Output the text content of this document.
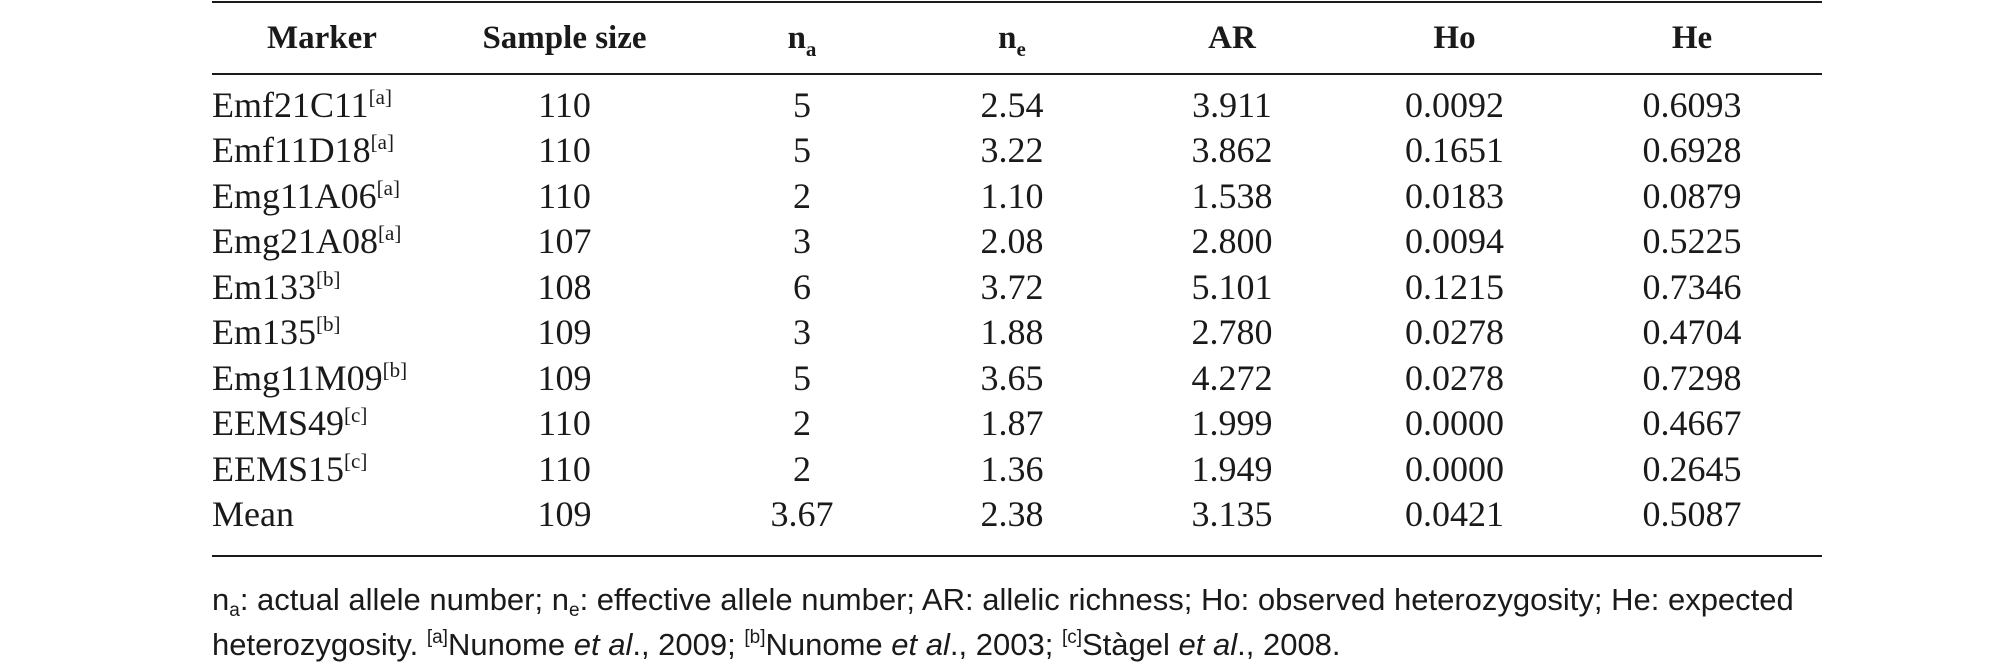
Marker	Sample size	$n_a$	$n_e$	AR	Ho	He
Emf21C11[a]	110	5	2.54	3.911	0.0092	0.6093
Emf11D18[a]	110	5	3.22	3.862	0.1651	0.6928
Emg11A06[a]	110	2	1.10	1.538	0.0183	0.0879
Emg21A08[a]	107	3	2.08	2.800	0.0094	0.5225
Em133[b]	108	6	3.72	5.101	0.1215	0.7346
Em135[b]	109	3	1.88	2.780	0.0278	0.4704
Emg11M09[b]	109	5	3.65	4.272	0.0278	0.7298
EEMS49[c]	110	2	1.87	1.999	0.0000	0.4667
EEMS15[c]	110	2	1.36	1.949	0.0000	0.2645
Mean	109	3.67	2.38	3.135	0.0421	0.5087
$n_a$: actual allele number; $n_e$: effective allele number; AR: allelic richness; Ho: observed heterozygosity; He: expected heterozygosity. [a]Nunome et al., 2009; [b]Nunome et al., 2003; [c]Stàgel et al., 2008.
